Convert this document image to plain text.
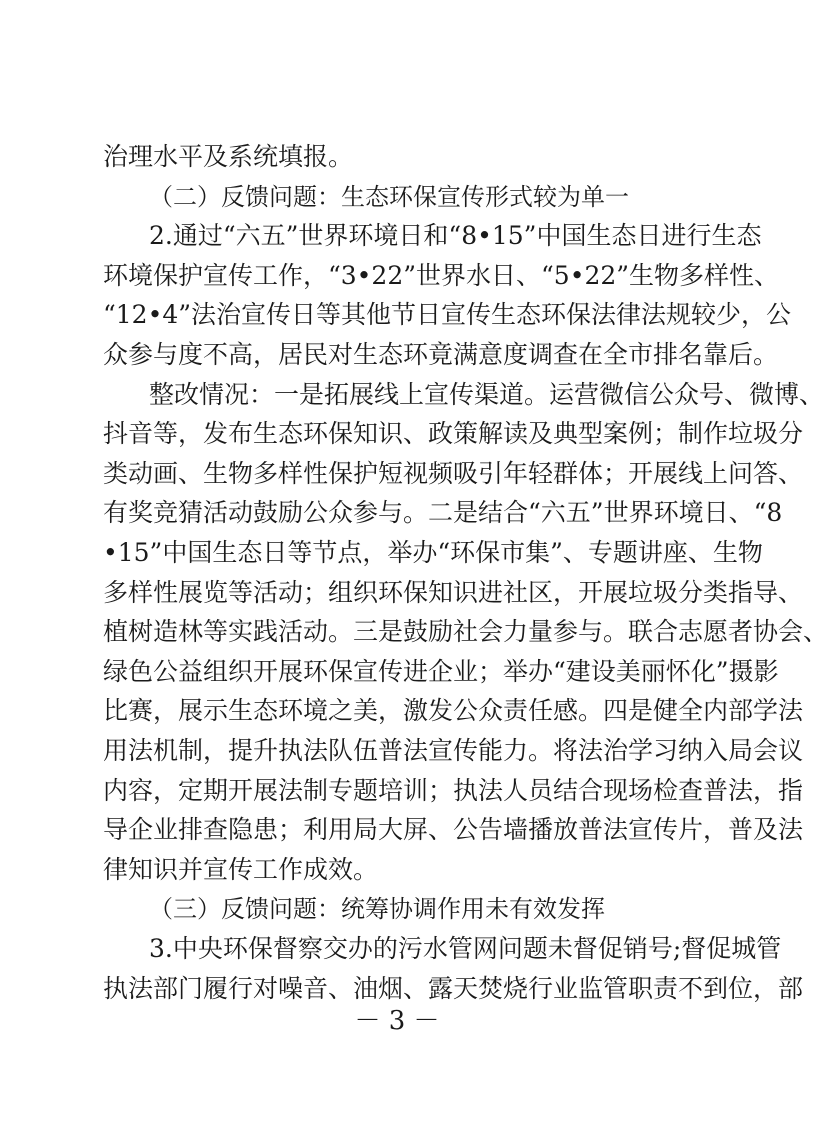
治理水平及系统填报。
（二）反馈问题：生态环保宣传形式较为单一
2.通过“六五”世界环境日和“8•15”中国生态日进行生态
环境保护宣传工作，“3•22”世界水日、“5•22”生物多样性、
“12•4”法治宣传日等其他节日宣传生态环保法律法规较少，公
众参与度不高，居民对生态环竟满意度调查在全市排名靠后。
整改情况：一是拓展线上宣传渠道。运营微信公众号、微博、
抖音等，发布生态环保知识、政策解读及典型案例；制作垃圾分
类动画、生物多样性保护短视频吸引年轻群体；开展线上问答、
有奖竞猜活动鼓励公众参与。二是结合“六五”世界环境日、“8
•15”中国生态日等节点，举办“环保市集”、专题讲座、生物
多样性展览等活动；组织环保知识进社区，开展垃圾分类指导、
植树造林等实践活动。三是鼓励社会力量参与。联合志愿者协会、
绿色公益组织开展环保宣传进企业；举办“建设美丽怀化”摄影
比赛，展示生态环境之美，激发公众责任感。四是健全内部学法
用法机制，提升执法队伍普法宣传能力。将法治学习纳入局会议
内容，定期开展法制专题培训；执法人员结合现场检查普法，指
导企业排查隐患；利用局大屏、公告墙播放普法宣传片，普及法
律知识并宣传工作成效。
（三）反馈问题：统筹协调作用未有效发挥
3.中央环保督察交办的污水管网问题未督促销号;督促城管
执法部门履行对噪音、油烟、露天焚烧行业监管职责不到位，部
－ 3 －
